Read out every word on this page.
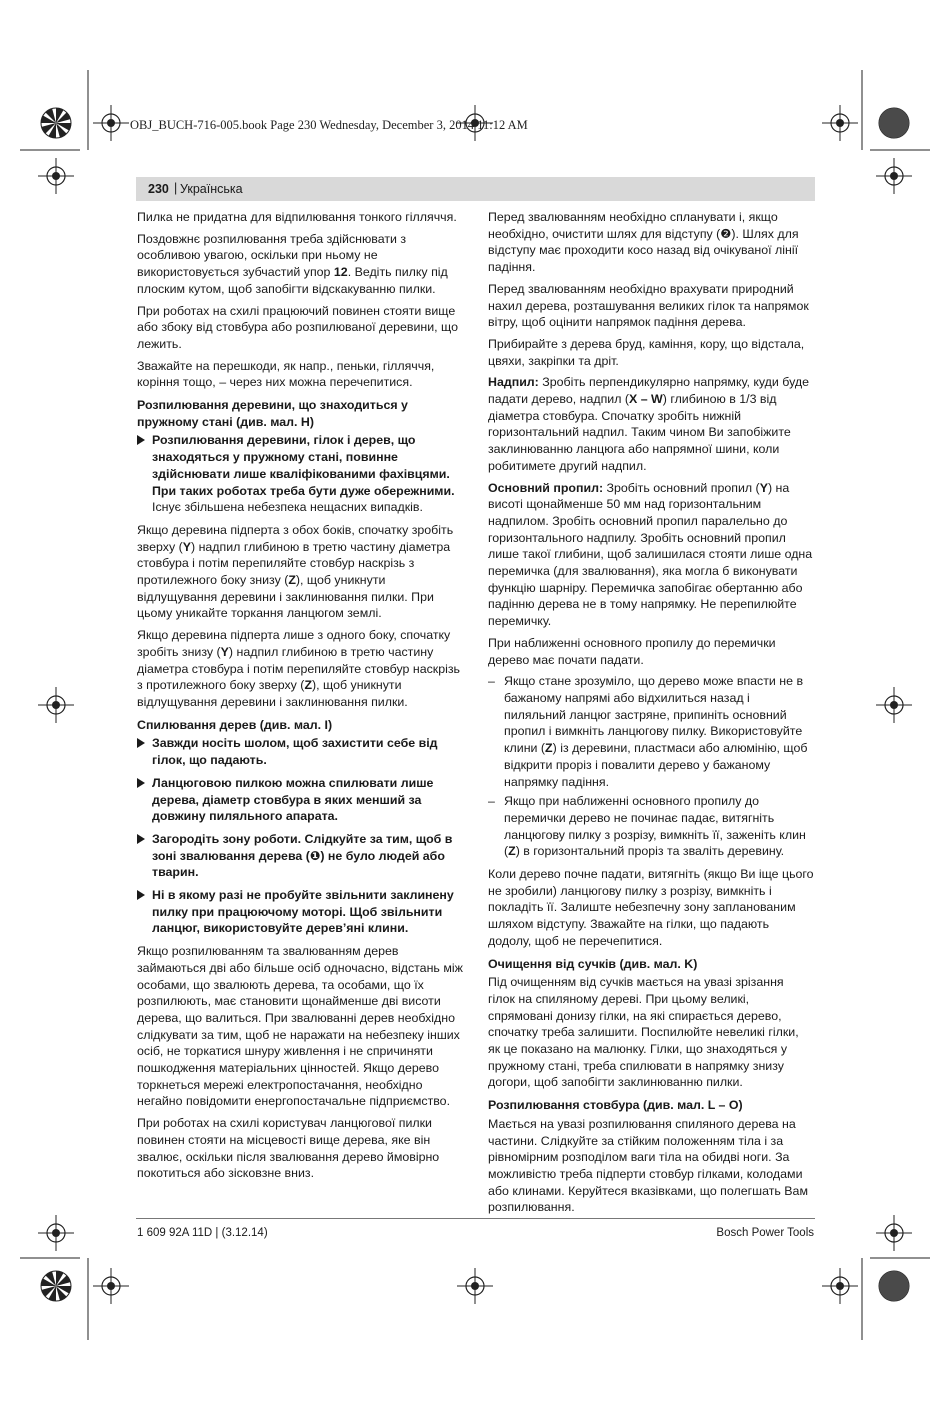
OBJ_BUCH-716-005.book Page 230 Wednesday, December 3, 2014 11:12 AM
230 | Українська

Пилка не придатна для відпилювання тонкого гілляччя.

Поздовжнє розпилювання треба здійснювати з особливою увагою, оскільки при ньому не використовується зубчастий упор 12. Ведіть пилку під плоским кутом, щоб запобігти відскакуванню пилки.

При роботах на схилі працюючий повинен стояти вище або збоку від стовбура або розпилюваної деревини, що лежить.

Зважайте на перешкоди, як напр., пеньки, гілляччя, коріння тощо, – через них можна перечепитися.

Розпилювання деревини, що знаходиться у пружному стані (див. мал. H)
Розпилювання деревини, гілок і дерев, що знаходяться у пружному стані, повинне здійснювати лише кваліфікованими фахівцями. При таких роботах треба бути дуже обережними. Існує збільшена небезпека нещасних випадків.

Якщо деревина підперта з обох боків, спочатку зробіть зверху (Y) надпил глибиною в третю частину діаметра стовбура і потім перепиляйте стовбур наскрізь з протилежного боку знизу (Z), щоб уникнути відлущування деревини і заклинювання пилки. При цьому уникайте торкання ланцюгом землі.

Якщо деревина підперта лише з одного боку, спочатку зробіть знизу (Y) надпил глибиною в третю частину діаметра стовбура і потім перепиляйте стовбур наскрізь з протилежного боку зверху (Z), щоб уникнути відлущування деревини і заклинювання пилки.

Спилювання дерев (див. мал. I)
Завжди носіть шолом, щоб захистити себе від гілок, що падають.
Ланцюговою пилкою можна спилювати лише дерева, діаметр стовбура в яких менший за довжину пиляльного апарата.
Загородіть зону роботи. Слідкуйте за тим, щоб в зоні звалювання дерева (❶) не було людей або тварин.
Ні в якому разі не пробуйте звільнити заклинену пилку при працюючому моторі. Щоб звільнити ланцюг, використовуйте дерев’яні клини.

Якщо розпилюванням та звалюванням дерев займаються дві або більше осіб одночасно, відстань між особами, що звалюють дерева, та особами, що їх розпилюють, має становити щонайменше дві висоти дерева, що валиться. При звалюванні дерев необхідно слідкувати за тим, щоб не наражати на небезпеку інших осіб, не торкатися шнуру живлення і не спричиняти пошкодження матеріальних цінностей. Якщо дерево торкнеться мережі електропостачання, необхідно негайно повідомити енергопостачальне підприємство.

При роботах на схилі користувач ланцюгової пилки повинен стояти на місцевості вище дерева, яке він звалює, оскільки після звалювання дерево ймовірно покотиться або зісковзне вниз.

Перед звалюванням необхідно спланувати і, якщо необхідно, очистити шлях для відступу (❷). Шлях для відступу має проходити косо назад від очікуваної лінії падіння.

Перед звалюванням необхідно врахувати природний нахил дерева, розташування великих гілок та напрямок вітру, щоб оцінити напрямок падіння дерева.

Прибирайте з дерева бруд, каміння, кору, що відстала, цвяхи, закріпки та дріт.

Надпил: Зробіть перпендикулярно напрямку, куди буде падати дерево, надпил (X – W) глибиною в 1/3 від діаметра стовбура. Спочатку зробіть нижній горизонтальний надпил. Таким чином Ви запобіжите заклинюванню ланцюга або напрямної шини, коли робитимете другий надпил.

Основний пропил: Зробіть основний пропил (Y) на висоті щонайменше 50 мм над горизонтальним надпилом. Зробіть основний пропил паралельно до горизонтального надпилу. Зробіть основний пропил лише такої глибини, щоб залишилася стояти лише одна перемичка (для звалювання), яка могла б виконувати функцію шарніру. Перемичка запобігає обертанню або падінню дерева не в тому напрямку. Не перепилюйте перемичку.

При наближенні основного пропилу до перемички дерево має почати падати.

– Якщо стане зрозуміло, що дерево може впасти не в бажаному напрямі або відхилиться назад і пиляльний ланцюг застряне, припиніть основний пропил і вимкніть ланцюгову пилку. Використовуйте клини (Z) із деревини, пластмаси або алюмінію, щоб відкрити проріз і повалити дерево у бажаному напрямку падіння.
– Якщо при наближенні основного пропилу до перемички дерево не починає падає, витягніть ланцюгову пилку з розрізу, вимкніть її, заженіть клин (Z) в горизонтальний проріз та зваліть деревину.

Коли дерево почне падати, витягніть (якщо Ви іще цього не зробили) ланцюгову пилку з розрізу, вимкніть і покладіть її. Залиште небезпечну зону запланованим шляхом відступу. Зважайте на гілки, що падають додолу, щоб не перечепитися.

Очищення від сучків (див. мал. K)

Під очищенням від сучків мається на увазі зрізання гілок на спиляному дереві. При цьому великі, спрямовані донизу гілки, на які спирається дерево, спочатку треба залишити. Поспилюйте невеликі гілки, як це показано на малюнку. Гілки, що знаходяться у пружному стані, треба спилювати в напрямку знизу догори, щоб запобігти заклинюванню пилки.

Розпилювання стовбура (див. мал. L – O)

Мається на увазі розпилювання спиляного дерева на частини. Слідкуйте за стійким положенням тіла і за рівномірним розподілом ваги тіла на обидві ноги. За можливістю треба підперти стовбур гілками, колодами або клинами. Керуйтеся вказівками, що полегшать Вам розпилювання.

1 609 92A 11D | (3.12.14)	Bosch Power Tools
